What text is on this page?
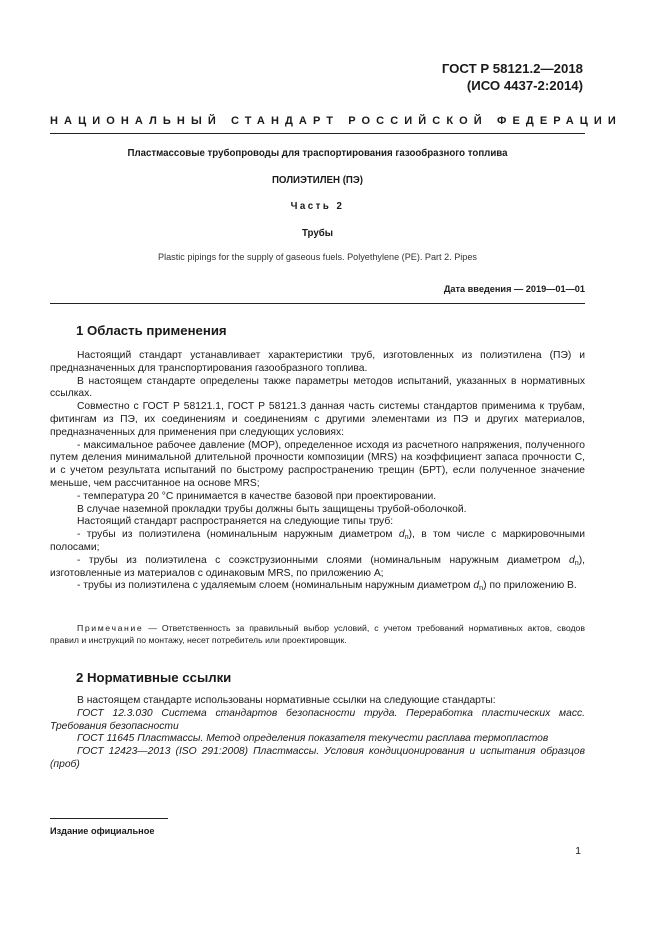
ГОСТ Р 58121.2—2018
(ИСО 4437-2:2014)
НАЦИОНАЛЬНЫЙ СТАНДАРТ РОССИЙСКОЙ ФЕДЕРАЦИИ
Пластмассовые трубопроводы для траспортирования газообразного топлива
ПОЛИЭТИЛЕН (ПЭ)
Часть 2
Трубы
Plastic pipings for the supply of gaseous fuels. Polyethylene (PE). Part 2. Pipes
Дата введения — 2019—01—01
1 Область применения

Настоящий стандарт устанавливает характеристики труб, изготовленных из полиэтилена (ПЭ) и предназначенных для транспортирования газообразного топлива.

В настоящем стандарте определены также параметры методов испытаний, указанных в нормативных ссылках.

Совместно с ГОСТ Р 58121.1, ГОСТ Р 58121.3 данная часть системы стандартов применима к трубам, фитингам из ПЭ, их соединениям и соединениям с другими элементами из ПЭ и других материалов, предназначенных для применения при следующих условиях:

- максимальное рабочее давление (МОР), определенное исходя из расчетного напряжения, полученного путем деления минимальной длительной прочности композиции (MRS) на коэффициент запаса прочности С, и с учетом результата испытаний по быстрому распространению трещин (БРТ), если полученное значение меньше, чем рассчитанное на основе MRS;

- температура 20 °С принимается в качестве базовой при проектировании.

В случае наземной прокладки трубы должны быть защищены трубой-оболочкой.

Настоящий стандарт распространяется на следующие типы труб:

- трубы из полиэтилена (номинальным наружным диаметром $d_n$), в том числе с маркировочными полосами;

- трубы из полиэтилена с соэкструзионными слоями (номинальным наружным диаметром $d_n$), изготовленные из материалов с одинаковым MRS, по приложению А;

- трубы из полиэтилена с удаляемым слоем (номинальным наружным диаметром $d_n$) по приложению В.

Примечание — Ответственность за правильный выбор условий, с учетом требований нормативных актов, сводов правил и инструкций по монтажу, несет потребитель или проектировщик.

2 Нормативные ссылки

В настоящем стандарте использованы нормативные ссылки на следующие стандарты:

ГОСТ 12.3.030 Система стандартов безопасности труда. Переработка пластических масс. Требования безопасности

ГОСТ 11645 Пластмассы. Метод определения показателя текучести расплава термопластов

ГОСТ 12423—2013 (ISO 291:2008) Пластмассы. Условия кондиционирования и испытания образцов (проб)

Издание официальное
1
